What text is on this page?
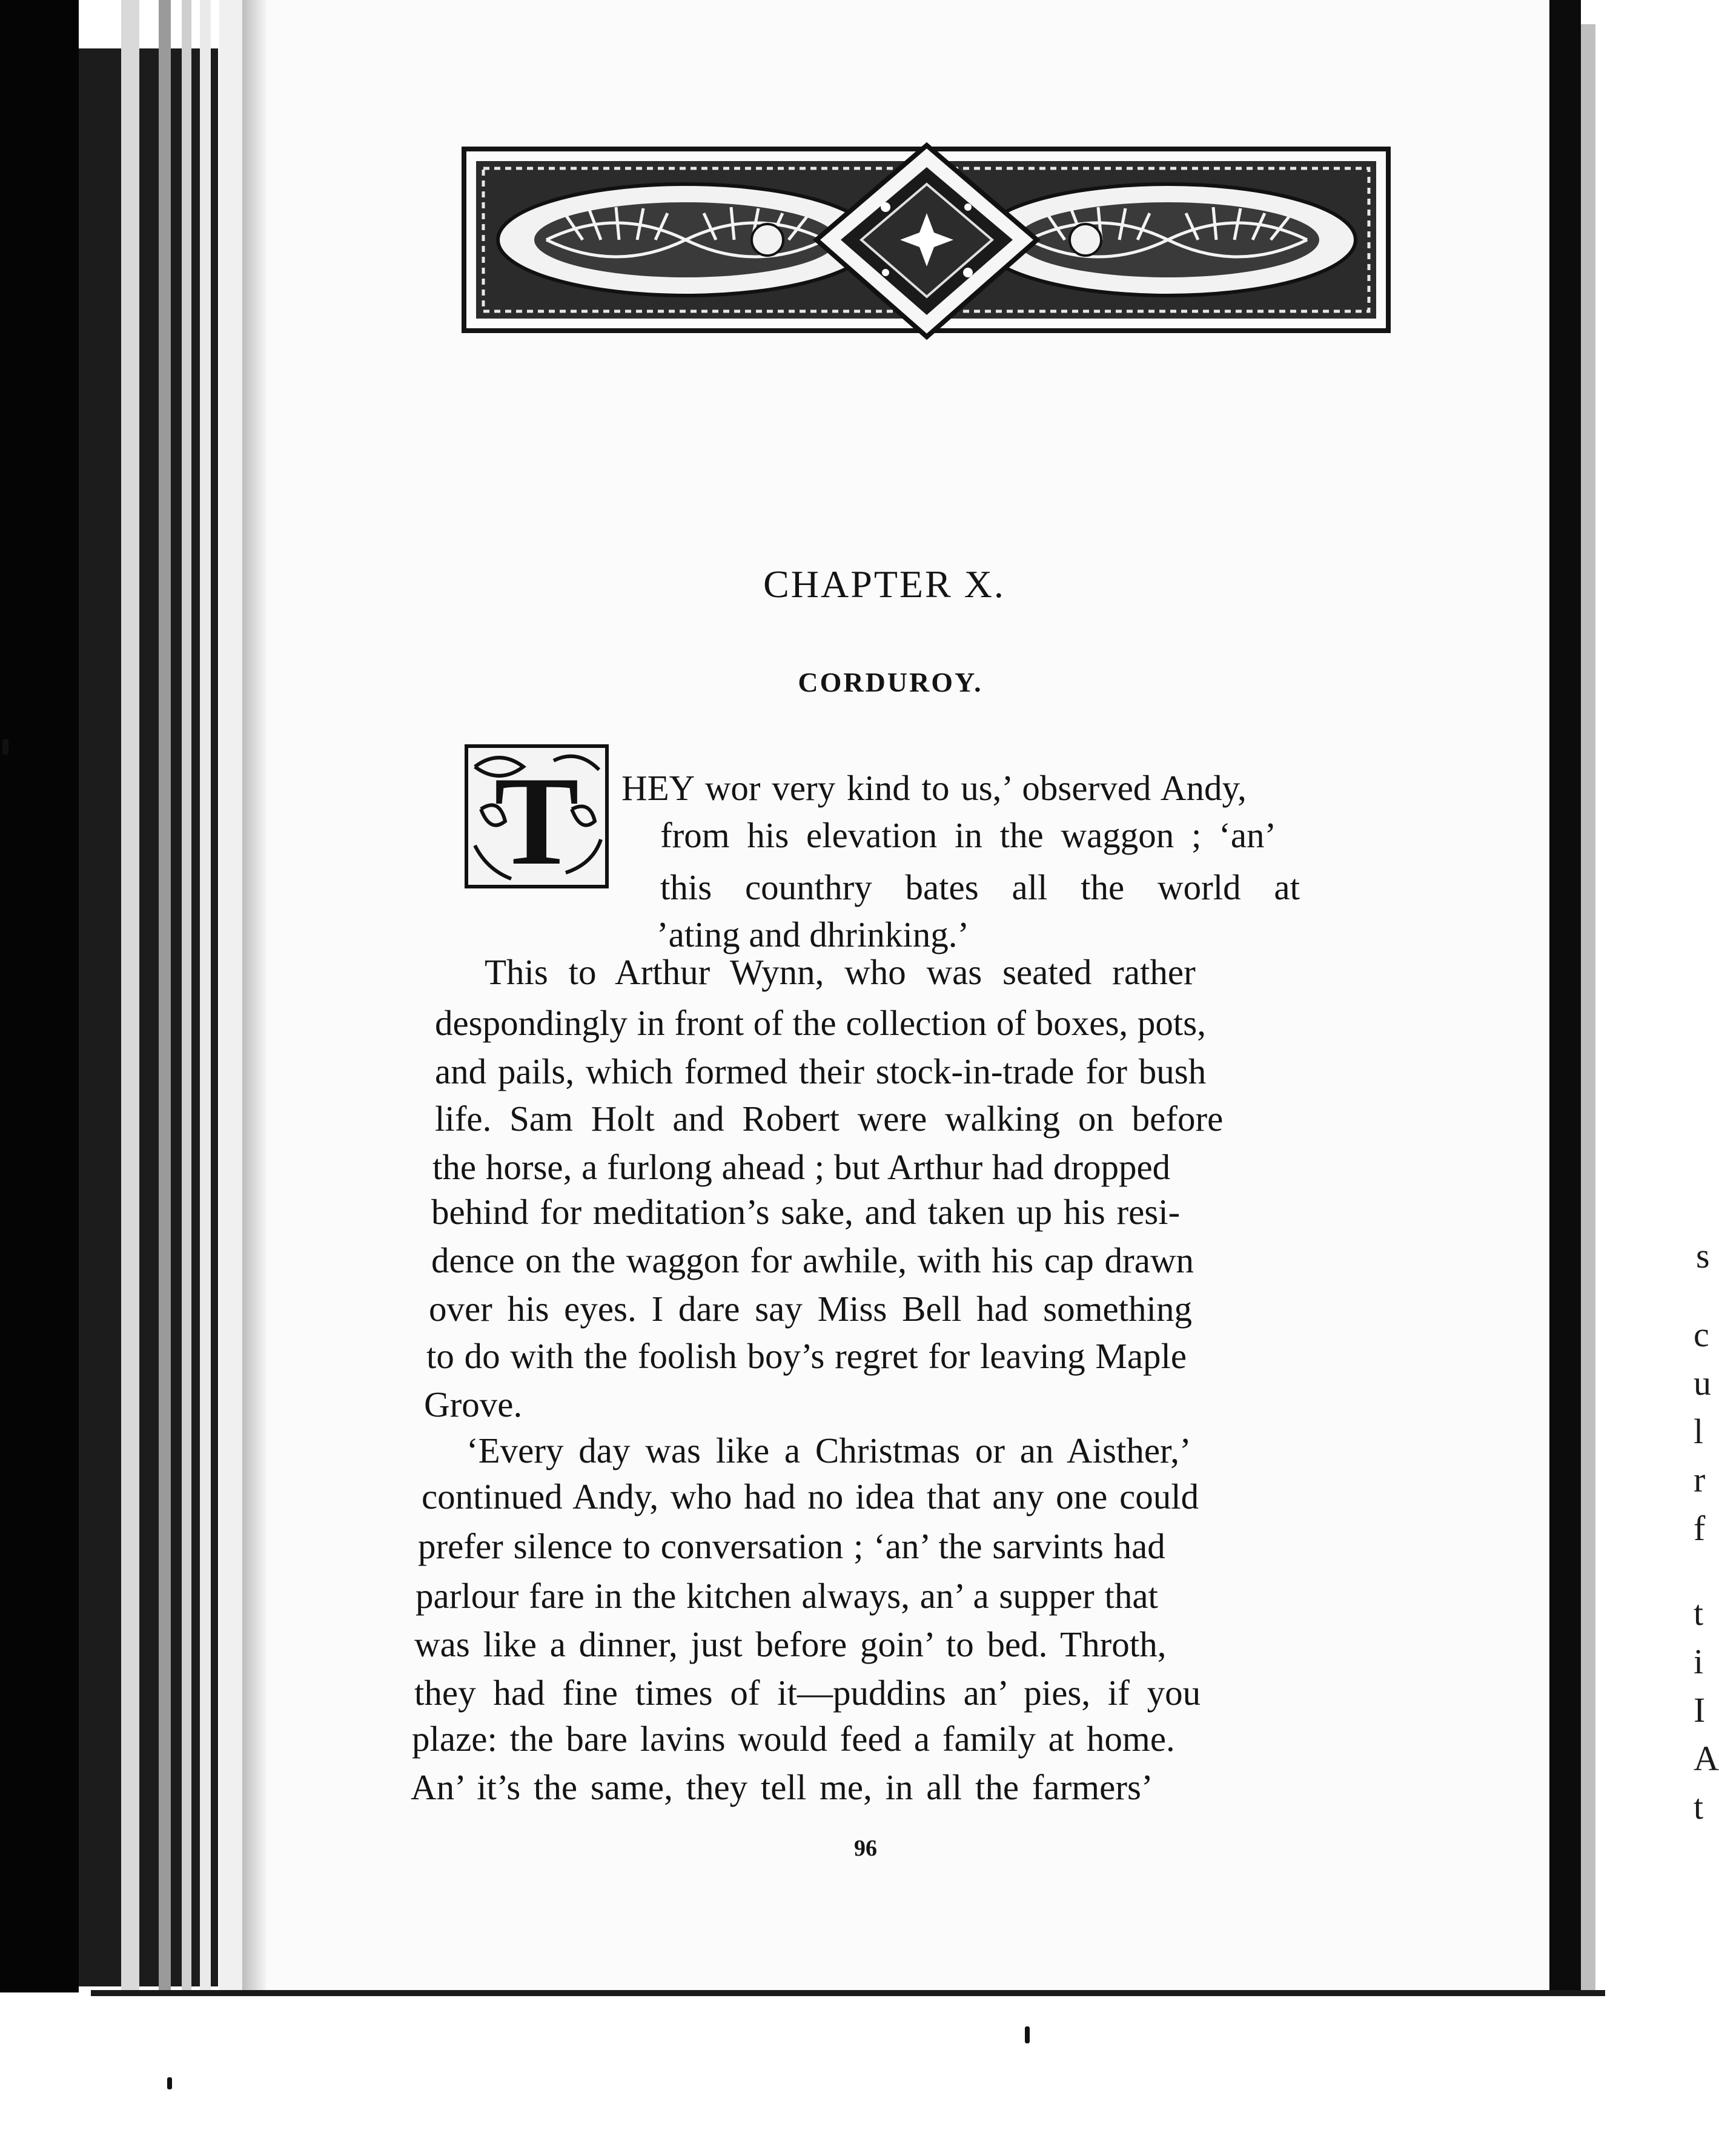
CHAPTER X.
CORDUROY.
T HEY wor very kind to us,’ observed Andy,
from his elevation in the waggon ; ‘an’
this counthry bates all the world at
’ating and dhrinking.’
This to Arthur Wynn, who was seated rather
despondingly in front of the collection of boxes, pots,
and pails, which formed their stock-in-trade for bush
life. Sam Holt and Robert were walking on before
the horse, a furlong ahead ; but Arthur had dropped
behind for meditation’s sake, and taken up his resi-
dence on the waggon for awhile, with his cap drawn
over his eyes. I dare say Miss Bell had something
to do with the foolish boy’s regret for leaving Maple
Grove.
‘Every day was like a Christmas or an Aisther,’
continued Andy, who had no idea that any one could
prefer silence to conversation ; ‘an’ the sarvints had
parlour fare in the kitchen always, an’ a supper that
was like a dinner, just before goin’ to bed. Throth,
they had fine times of it—puddins an’ pies, if you
plaze: the bare lavins would feed a family at home.
An’ it’s the same, they tell me, in all the farmers’
96
s
c
u
l
r
f
t
i
I
A
t
